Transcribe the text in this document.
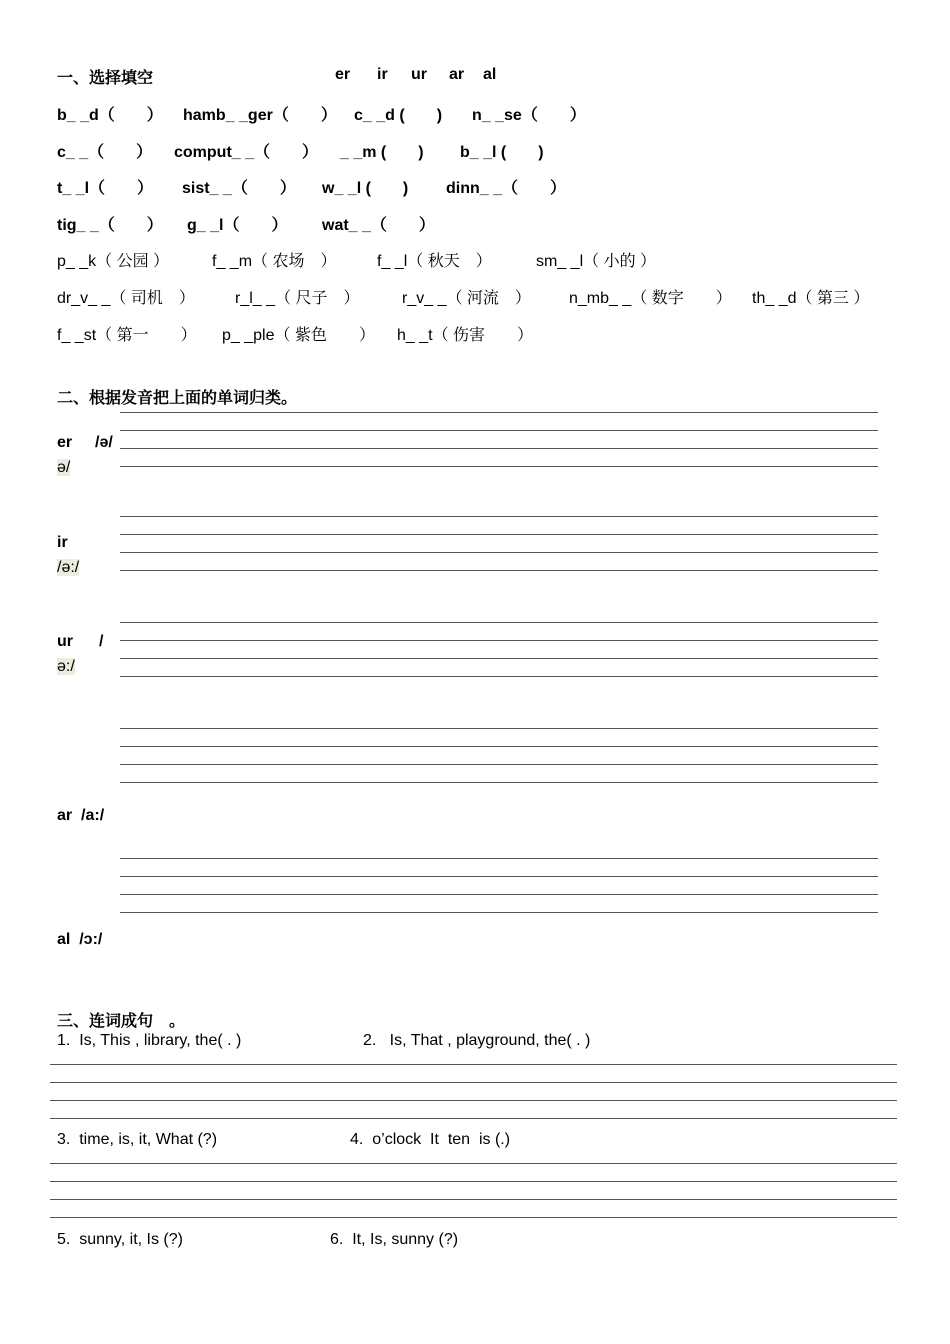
一、选择填空	er ir ur ar al
b_ _d（　　） hamb_ _ger（　　） c_ _d (　　) n_ _se（　　）
c_ _（　　） comput_ _（　　） _ _m (　　) b_ _l (　　)
t_ _l（　　） sist_ _（　　） w_ _l (　　) dinn_ _（　　）
tig_ _（　　） g_ _l（　　） wat_ _（　　）
p_ _k（ 公园 ）	f_ _m（ 农场　）	f_ _l（ 秋天　）	sm_ _l（ 小的 ）
dr_v_ _（ 司机　）	r_l_ _（ 尺子　）	r_v_ _（ 河流　） n_mb_ _（ 数字　　） th_ _d（ 第三 ）
f_ _st（ 第一　　） p_ _ple（ 紫色　　） h_ _t（ 伤害　　）
二、根据发音把上面的单词归类。
er	/ə/
ə/
ir
/ə:/
ur /
ə:/
ar /a:/
al /ɔ:/
三、连词成句　。
1.  Is, This , library, the( . )	2.   Is, That , playground, the( . )
3.  time, is, it, What (?)	4.  o’clock  It  ten  is (.)
5.  sunny, it, Is (?)	6.  It, Is, sunny (?)
